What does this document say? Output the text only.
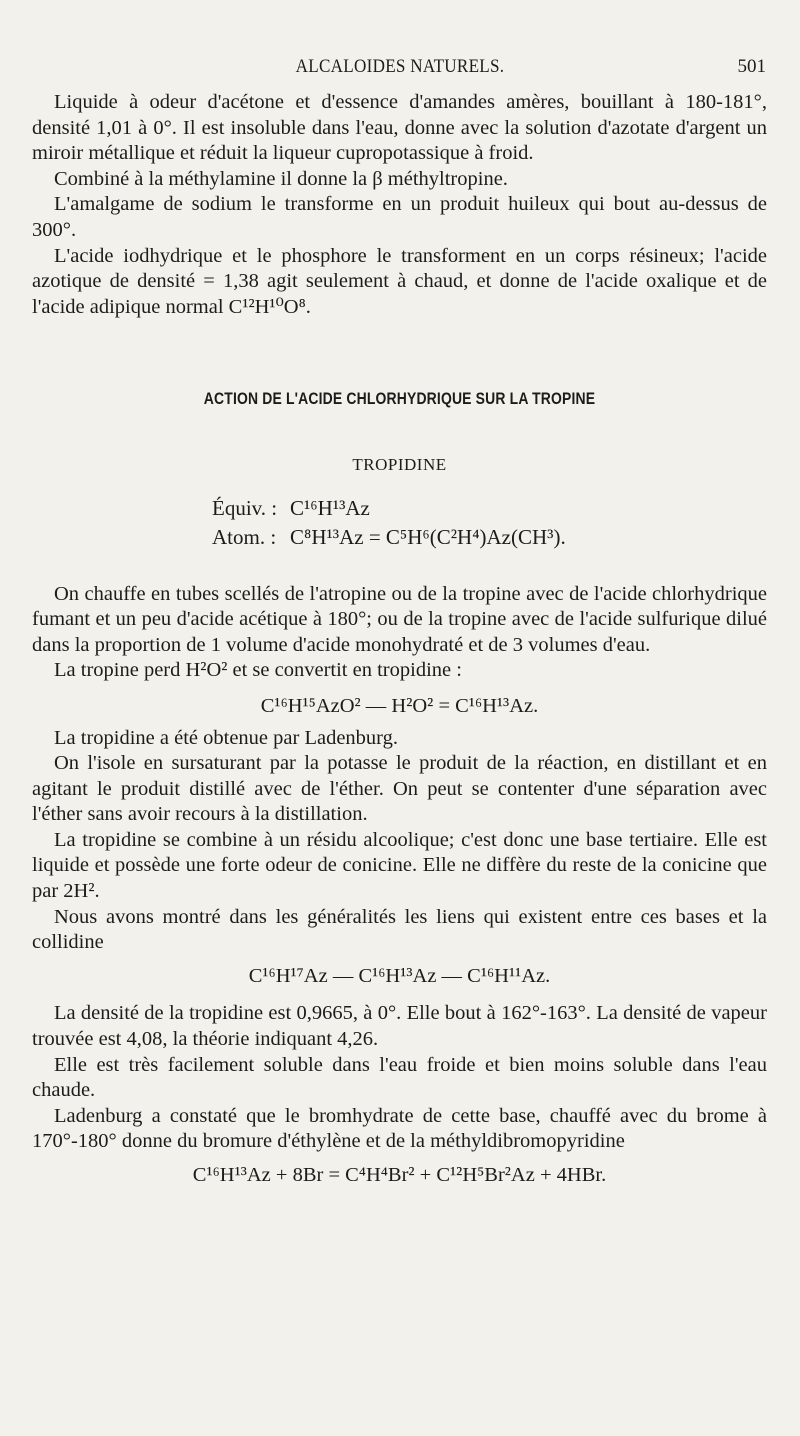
ALCALOIDES NATURELS.	501

Liquide à odeur d'acétone et d'essence d'amandes amères, bouillant à 180-181°, densité 1,01 à 0°. Il est insoluble dans l'eau, donne avec la solution d'azotate d'argent un miroir métallique et réduit la liqueur cupropotassique à froid.

Combiné à la méthylamine il donne la β méthyltropine.

L'amalgame de sodium le transforme en un produit huileux qui bout au-dessus de 300°.

L'acide iodhydrique et le phosphore le transforment en un corps résineux; l'acide azotique de densité = 1,38 agit seulement à chaud, et donne de l'acide oxalique et de l'acide adipique normal C¹²H¹⁰O⁸.

ACTION DE L'ACIDE CHLORHYDRIQUE SUR LA TROPINE
TROPIDINE
Équiv. : C¹⁶H¹³Az
Atom. : C⁸H¹³Az = C⁵H⁶(C²H⁴)Az(CH³).

On chauffe en tubes scellés de l'atropine ou de la tropine avec de l'acide chlorhydrique fumant et un peu d'acide acétique à 180°; ou de la tropine avec de l'acide sulfurique dilué dans la proportion de 1 volume d'acide monohydraté et de 3 volumes d'eau.

La tropine perd H²O² et se convertit en tropidine :

C¹⁶H¹⁵AzO² — H²O² = C¹⁶H¹³Az.

La tropidine a été obtenue par Ladenburg.

On l'isole en sursaturant par la potasse le produit de la réaction, en distillant et en agitant le produit distillé avec de l'éther. On peut se contenter d'une séparation avec l'éther sans avoir recours à la distillation.

La tropidine se combine à un résidu alcoolique; c'est donc une base tertiaire. Elle est liquide et possède une forte odeur de conicine. Elle ne diffère du reste de la conicine que par 2H².

Nous avons montré dans les généralités les liens qui existent entre ces bases et la collidine

C¹⁶H¹⁷Az — C¹⁶H¹³Az — C¹⁶H¹¹Az.

La densité de la tropidine est 0,9665, à 0°. Elle bout à 162°-163°. La densité de vapeur trouvée est 4,08, la théorie indiquant 4,26.

Elle est très facilement soluble dans l'eau froide et bien moins soluble dans l'eau chaude.

Ladenburg a constaté que le bromhydrate de cette base, chauffé avec du brome à 170°-180° donne du bromure d'éthylène et de la méthyldibromopyridine

C¹⁶H¹³Az + 8Br = C⁴H⁴Br² + C¹²H⁵Br²Az + 4HBr.
